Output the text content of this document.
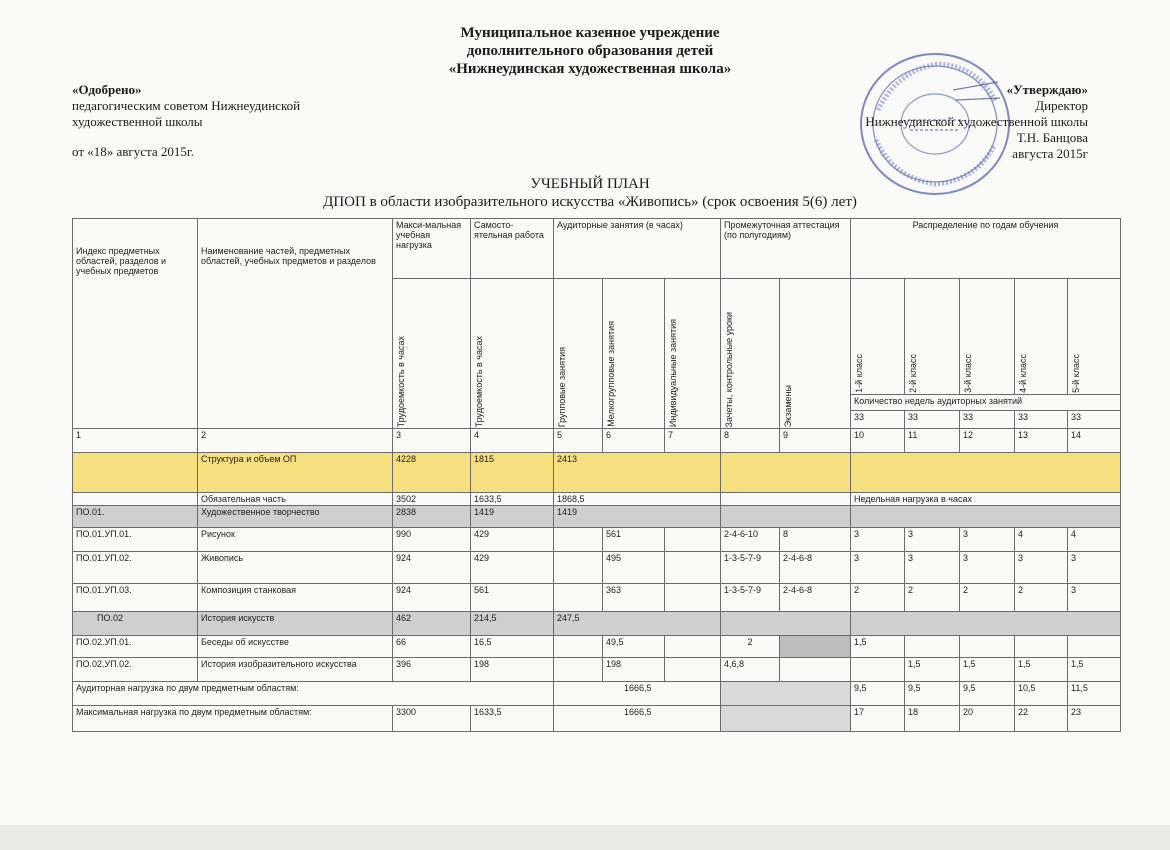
Муниципальное казенное учреждение
дополнительного образования детей
«Нижнеудинская художественная школа»
«Одобрено»
педагогическим советом Нижнеудинской
художественной школы
от «18» августа 2015г.
«Утверждаю»
Директор
Нижнеудинской художественной школы
Т.Н. Банцова
августа 2015г
УЧЕБНЫЙ ПЛАН
ДПОП в области изобразительного искусства «Живопись» (срок освоения 5(6) лет)
Индекс предметных областей, разделов и учебных предметов	Наименование частей, предметных областей, учебных предметов и разделов	Макси-мальная учебная нагрузка	Самосто-ятельная работа	Аудиторные занятия (в часах)			Промежуточная аттестация (по полугодиям)		Распределение по годам обучения				

		Трудоемкость в часах	Трудоемкость в часах	Групповые занятия	Мелкогрупповые занятия	Индивидуальные занятия	Зачеты, контрольные уроки	Экзамены	1-й класс	2-й класс	3-й класс	4-й класс	5-й класс

									Количество недель аудиторных занятий				
									33	33	33	33	33
1	2	3	4	5	6	7	8	9	10	11	12	13	14
	Структура и объем ОП	4228	1815	2413									
	Обязательная часть	3502	1633,5	1868,5					Недельная нагрузка в часах				
ПО.01.	Художественное творчество	2838	1419	1419									
ПО.01.УП.01.	Рисунок	990	429		561		2-4-6-10	8	3	3	3	4	4
ПО.01.УП.02.	Живопись	924	429		495		1-3-5-7-9	2-4-6-8	3	3	3	3	3
ПО.01.УП.03.	Композиция станковая	924	561		363		1-3-5-7-9	2-4-6-8	2	2	2	2	3
ПО.02	История искусств	462	214,5	247,5									
ПО.02.УП.01.	Беседы об искусстве	66	16,5		49,5		2		1,5				
ПО.02.УП.02.	История изобразительного искусства	396	198		198		4,6,8			1,5	1,5	1,5	1,5
Аудиторная нагрузка по двум предметным областям:				1666,5					9,5	9,5	9,5	10,5	11,5
Максимальная нагрузка по двум предметным областям:		3300	1633,5	1666,5					17	18	20	22	23
